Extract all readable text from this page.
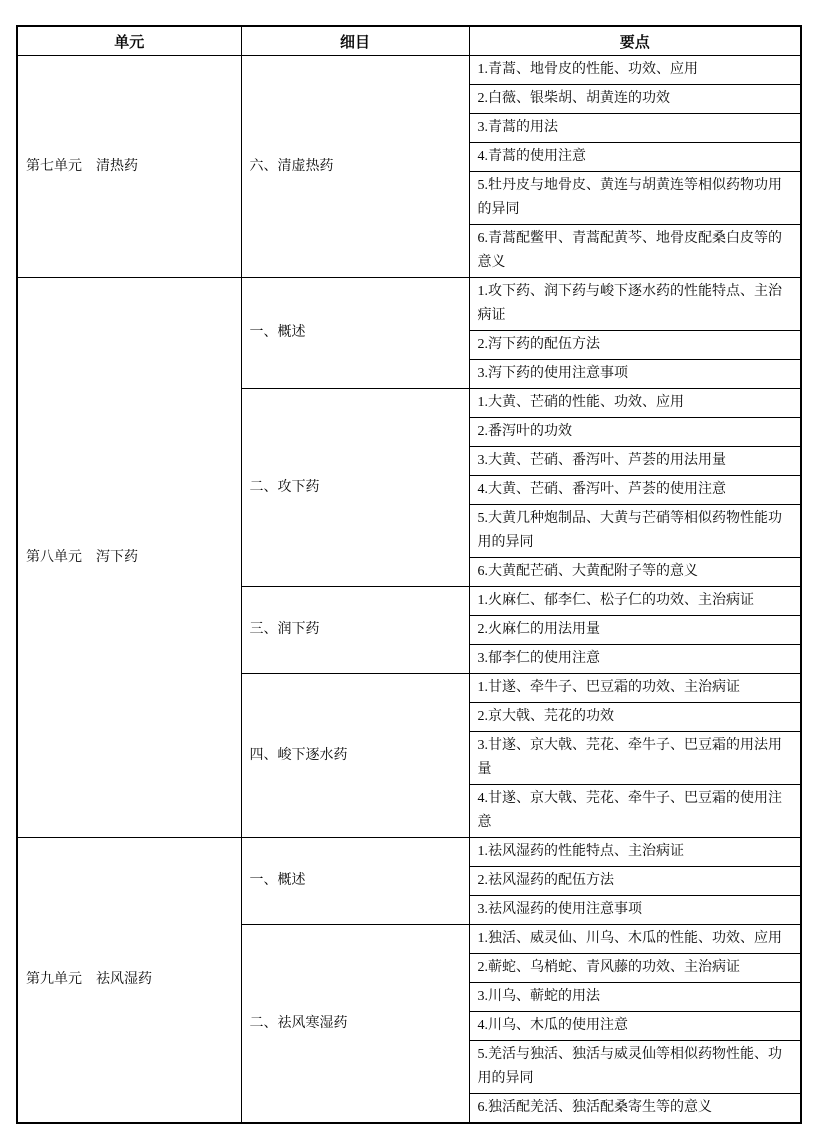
单元	细目	要点
第七单元　清热药	六、清虚热药	1.青蒿、地骨皮的性能、功效、应用
		2.白薇、银柴胡、胡黄连的功效
		3.青蒿的用法
		4.青蒿的使用注意
		5.牡丹皮与地骨皮、黄连与胡黄连等相似药物功用的异同
		6.青蒿配鳖甲、青蒿配黄芩、地骨皮配桑白皮等的意义
第八单元　泻下药	一、概述	1.攻下药、润下药与峻下逐水药的性能特点、主治病证
		2.泻下药的配伍方法
		3.泻下药的使用注意事项
	二、攻下药	1.大黄、芒硝的性能、功效、应用
		2.番泻叶的功效
		3.大黄、芒硝、番泻叶、芦荟的用法用量
		4.大黄、芒硝、番泻叶、芦荟的使用注意
		5.大黄几种炮制品、大黄与芒硝等相似药物性能功用的异同
		6.大黄配芒硝、大黄配附子等的意义
	三、润下药	1.火麻仁、郁李仁、松子仁的功效、主治病证
		2.火麻仁的用法用量
		3.郁李仁的使用注意
	四、峻下逐水药	1.甘遂、牵牛子、巴豆霜的功效、主治病证
		2.京大戟、芫花的功效
		3.甘遂、京大戟、芫花、牵牛子、巴豆霜的用法用量
		4.甘遂、京大戟、芫花、牵牛子、巴豆霜的使用注意
第九单元　祛风湿药	一、概述	1.祛风湿药的性能特点、主治病证
		2.祛风湿药的配伍方法
		3.祛风湿药的使用注意事项
	二、祛风寒湿药	1.独活、威灵仙、川乌、木瓜的性能、功效、应用
		2.蕲蛇、乌梢蛇、青风藤的功效、主治病证
		3.川乌、蕲蛇的用法
		4.川乌、木瓜的使用注意
		5.羌活与独活、独活与威灵仙等相似药物性能、功用的异同
		6.独活配羌活、独活配桑寄生等的意义
